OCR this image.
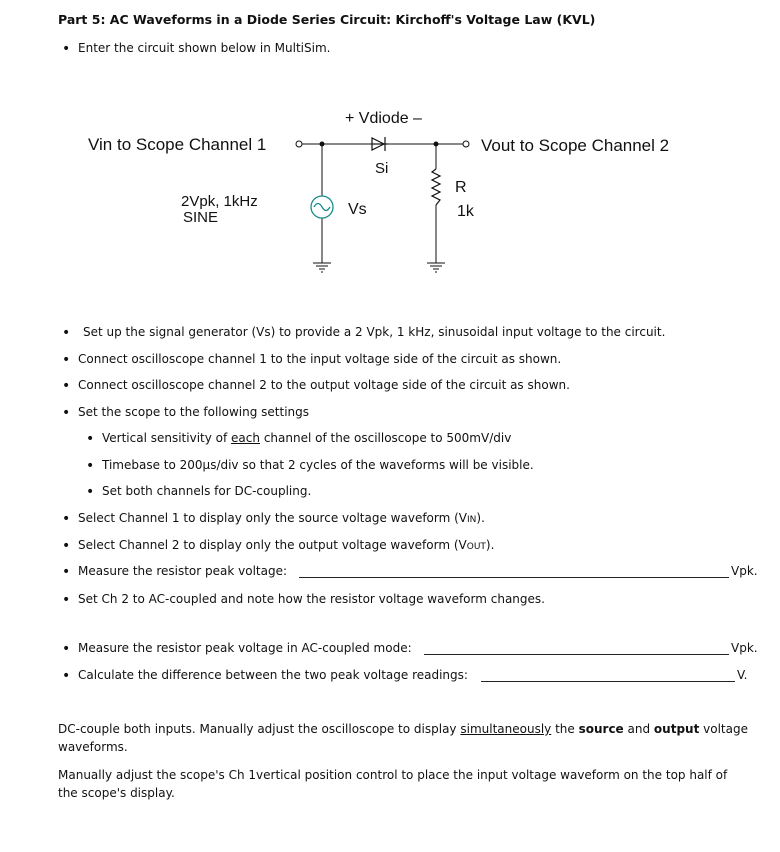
Part 5: AC Waveforms in a Diode Series Circuit: Kirchoff's Voltage Law (KVL)
• Enter the circuit shown below in MultiSim.
+ Vdiode –
Vin to Scope Channel 1	Vout to Scope Channel 2
Si
Vs
2Vpk, 1kHz
SINE
R
1k
• Set up the signal generator (Vs) to provide a 2 Vpk, 1 kHz, sinusoidal input voltage to the circuit.
• Connect oscilloscope channel 1 to the input voltage side of the circuit as shown.
• Connect oscilloscope channel 2 to the output voltage side of the circuit as shown.
• Set the scope to the following settings
• Vertical sensitivity of each channel of the oscilloscope to 500mV/div
• Timebase to 200µs/div so that 2 cycles of the waveforms will be visible.
• Set both channels for DC-coupling.
• Select Channel 1 to display only the source voltage waveform (VIN).
• Select Channel 2 to display only the output voltage waveform (VOUT).
• Measure the resistor peak voltage:	Vpk.
• Set Ch 2 to AC-coupled and note how the resistor voltage waveform changes.
• Measure the resistor peak voltage in AC-coupled mode:	Vpk.
• Calculate the difference between the two peak voltage readings:	V.
DC-couple both inputs. Manually adjust the oscilloscope to display simultaneously the source and output voltage waveforms.
Manually adjust the scope's Ch 1vertical position control to place the input voltage waveform on the top half of the scope's display.
